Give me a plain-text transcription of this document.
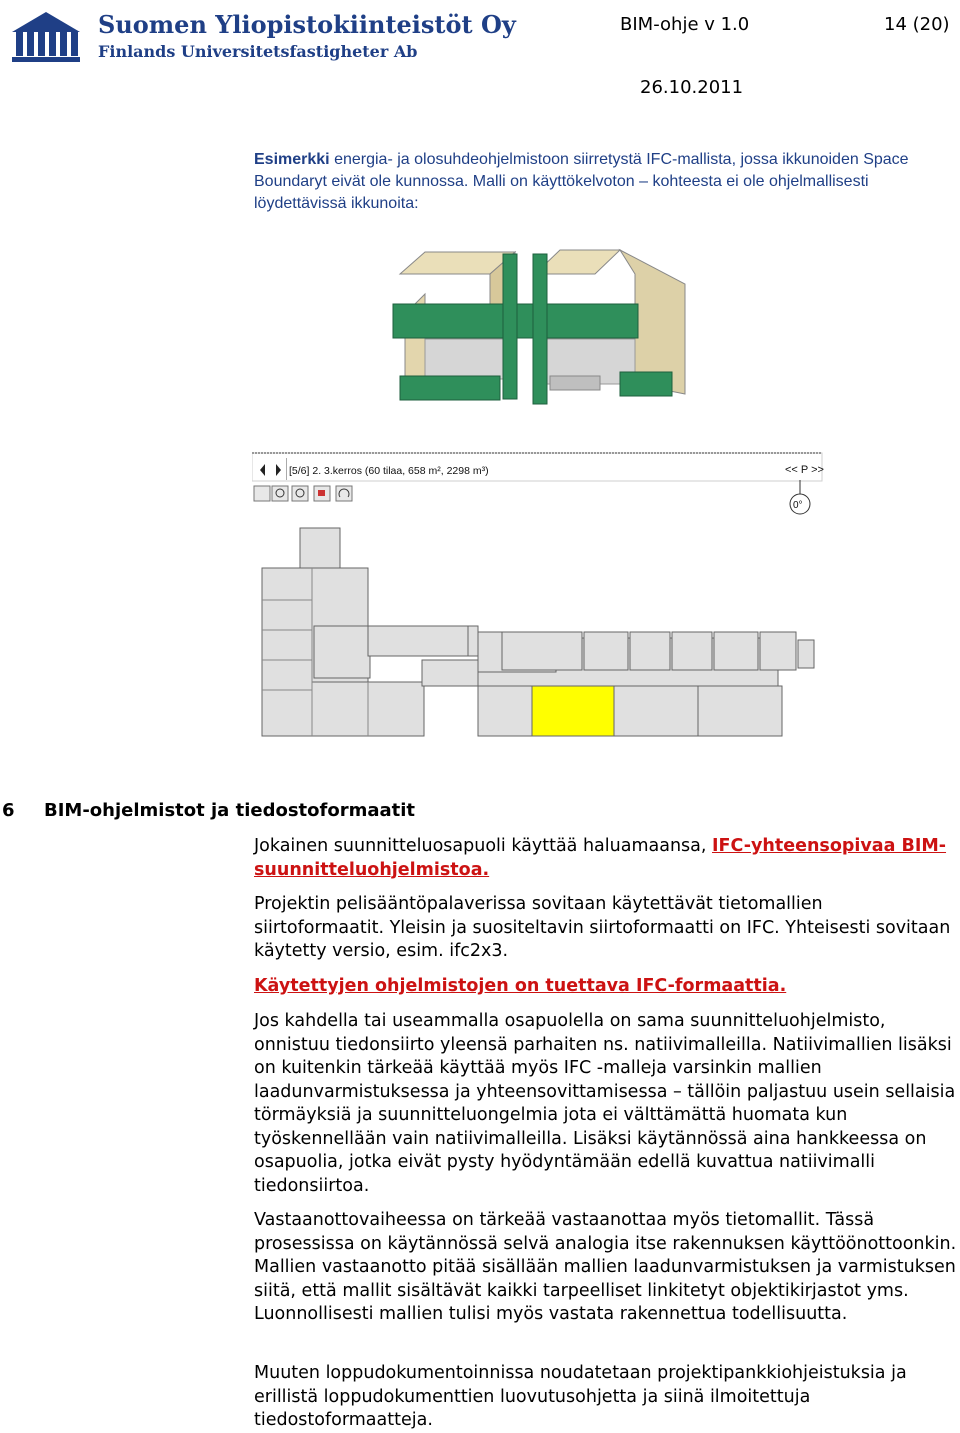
Suomen Yliopistokiinteistöt Oy
Finlands Universitetsfastigheter Ab
BIM-ohje v 1.0	14 (20)
26.10.2011
Esimerkki energia- ja olosuhdeohjelmistoon siirretystä IFC-mallista, jossa ikkunoiden Space Boundaryt eivät ole kunnossa. Malli on käyttökelvoton – kohteesta ei ole ohjelmallisesti löydettävissä ikkunoita:
[5/6] 2. 3.kerros (60 tilaa, 658 m², 2298 m³)	<< P >>
0°
6 BIM-ohjelmistot ja tiedostoformaatit
Jokainen suunnitteluosapuoli käyttää haluamaansa, IFC-yhteensopivaa BIM-suunnitteluohjelmistoa.
Projektin pelisääntöpalaverissa sovitaan käytettävät tietomallien siirtoformaatit. Yleisin ja suositeltavin siirtoformaatti on IFC. Yhteisesti sovitaan käytetty versio, esim. ifc2x3.
Käytettyjen ohjelmistojen on tuettava IFC-formaattia.
Jos kahdella tai useammalla osapuolella on sama suunnitteluohjelmisto, onnistuu tiedonsiirto yleensä parhaiten ns. natiivimalleilla. Natiivimallien lisäksi on kuitenkin tärkeää käyttää myös IFC -malleja varsinkin mallien laadunvarmistuksessa ja yhteensovittamisessa – tällöin paljastuu usein sellaisia törmäyksiä ja suunnitteluongelmia jota ei välttämättä huomata kun työskennellään vain natiivimalleilla. Lisäksi käytännössä aina hankkeessa on osapuolia, jotka eivät pysty hyödyntämään edellä kuvattua natiivimalli tiedonsiirtoa.
Vastaanottovaiheessa on tärkeää vastaanottaa myös tietomallit. Tässä prosessissa on käytännössä selvä analogia itse rakennuksen käyttöönottoonkin. Mallien vastaanotto pitää sisällään mallien laadunvarmistuksen ja varmistuksen siitä, että mallit sisältävät kaikki tarpeelliset linkitetyt objektikirjastot yms. Luonnollisesti mallien tulisi myös vastata rakennettua todellisuutta.
Muuten loppudokumentoinnissa noudatetaan projektipankkiohjeistuksia ja erillistä loppudokumenttien luovutusohjetta ja siinä ilmoitettuja tiedostoformaatteja.
